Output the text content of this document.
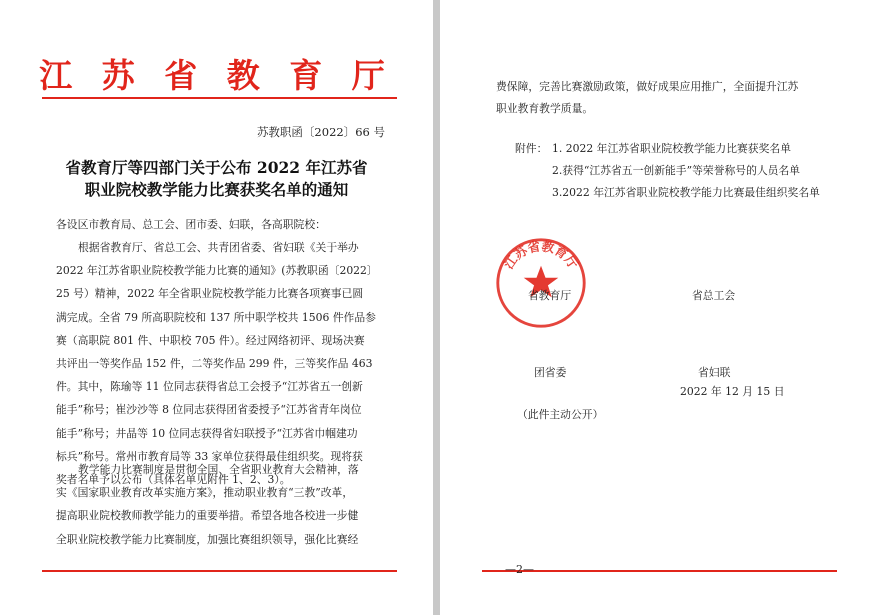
江 苏 省 教 育 厅
苏教职函〔2022〕66 号
省教育厅等四部门关于公布 2022 年江苏省
职业院校教学能力比赛获奖名单的通知
各设区市教育局、总工会、团市委、妇联，各高职院校：
根据省教育厅、省总工会、共青团省委、省妇联《关于举办
2022 年江苏省职业院校教学能力比赛的通知》(苏教职函〔2022〕
25 号）精神，2022 年全省职业院校教学能力比赛各项赛事已圆
满完成。全省 79 所高职院校和 137 所中职学校共 1506 件作品参
赛（高职院 801 件、中职校 705 件）。经过网络初评、现场决赛
共评出一等奖作品 152 件，二等奖作品 299 件，三等奖作品 463
件。其中，陈瑜等 11 位同志获得省总工会授予“江苏省五一创新
能手”称号；崔沙沙等 8 位同志获得团省委授予“江苏省青年岗位
能手”称号；井晶等 10 位同志获得省妇联授予“江苏省巾帼建功
标兵”称号。常州市教育局等 33 家单位获得最佳组织奖。现将获
奖者名单予以公布（具体名单见附件 1、2、3）。
教学能力比赛制度是贯彻全国、全省职业教育大会精神，落
实《国家职业教育改革实施方案》，推动职业教育“三教”改革，
提高职业院校教师教学能力的重要举措。希望各地各校进一步健
全职业院校教学能力比赛制度，加强比赛组织领导，强化比赛经
费保障，完善比赛激励政策，做好成果应用推广，全面提升江苏
职业教育教学质量。
附件： 1. 2022 年江苏省职业院校教学能力比赛获奖名单
2.获得“江苏省五一创新能手”等荣誉称号的人员名单
3.2022 年江苏省职业院校教学能力比赛最佳组织奖名单
江苏省教育厅
省教育厅	省总工会
团省委	省妇联
2022 年 12 月 15 日
（此件主动公开）
—2—
